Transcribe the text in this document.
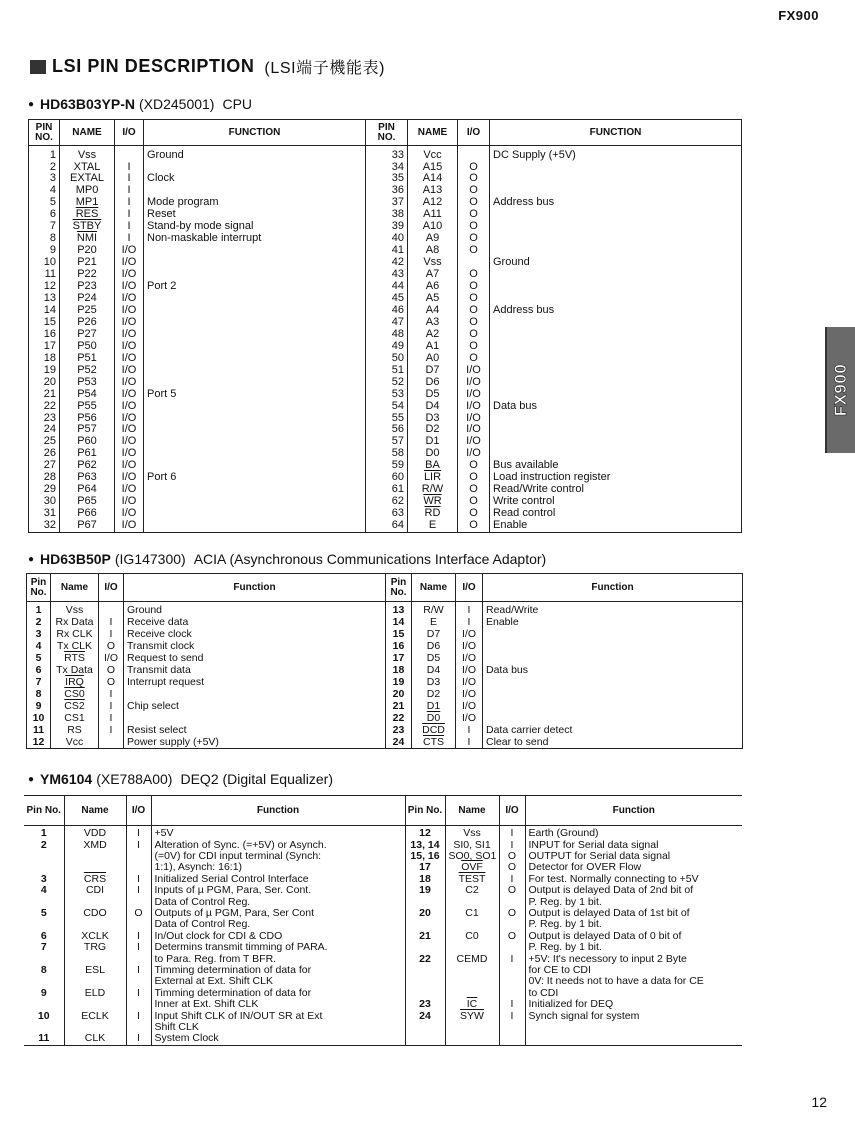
FX900
FX900
12
LSI PIN DESCRIPTION (LSI端子機能表)
● HD63B03YP-N (XD245001) CPU
PIN NO.	NAME	I/O	FUNCTION	PIN NO.	NAME	I/O	FUNCTION
1	Vss		Ground	33	Vcc		DC Supply (+5V)
2	XTAL	I		34	A15	O	
3	EXTAL	I	Clock	35	A14	O	
4	MP0	I		36	A13	O	
5	MP1	I	Mode program	37	A12	O	Address bus
6	$\overline{RES}$	I	Reset	38	A11	O	
7	STBY	I	Stand-by mode signal	39	A10	O	
8	$\overline{NMI}$	I	Non-maskable interrupt	40	A9	O	
9	P20	I/O		41	A8	O	
10	P21	I/O		42	Vss		Ground
11	P22	I/O		43	A7	O	
12	P23	I/O	Port 2	44	A6	O	
13	P24	I/O		45	A5	O	
14	P25	I/O		46	A4	O	Address bus
15	P26	I/O		47	A3	O	
16	P27	I/O		48	A2	O	
17	P50	I/O		49	A1	O	
18	P51	I/O		50	A0	O	
19	P52	I/O		51	D7	I/O	
20	P53	I/O		52	D6	I/O	
21	P54	I/O	Port 5	53	D5	I/O	
22	P55	I/O		54	D4	I/O	Data bus
23	P56	I/O		55	D3	I/O	
24	P57	I/O		56	D2	I/O	
25	P60	I/O		57	D1	I/O	
26	P61	I/O		58	D0	I/O	
27	P62	I/O		59	BA	O	Bus available
28	P63	I/O	Port 6	60	$\overline{LIR}$	O	Load instruction register
29	P64	I/O		61	R/W	O	Read/Write control
30	P65	I/O		62	$\overline{WR}$	O	Write control
31	P66	I/O		63	$\overline{RD}$	O	Read control
32	P67	I/O		64	E	O	Enable
● HD63B50P (IG147300) ACIA (Asynchronous Communications Interface Adaptor)
Pin No.	Name	I/O	Function	Pin No.	Name	I/O	Function
1	Vss		Ground	13	R/W	I	Read/Write
2	Rx Data	I	Receive data	14	E	I	Enable
3	Rx CLK	I	Receive clock	15	D7	I/O	
4	Tx CLK	O	Transmit clock	16	D6	I/O	
5	$\overline{RTS}$	I/O	Request to send	17	D5	I/O	
6	Tx Data	O	Transmit data	18	D4	I/O	Data bus
7	$\overline{IRQ}$	O	Interrupt request	19	D3	I/O	
8	CS0	I		20	D2	I/O	
9	CS2	I	Chip select	21	D1	I/O	
10	CS1	I		22	D0	I/O	
11	RS	I	Resist select	23	$\overline{DCD}$	I	Data carrier detect
12	Vcc		Power supply (+5V)	24	$\overline{CTS}$	I	Clear to send
● YM6104 (XE788A00) DEQ2 (Digital Equalizer)
Pin No.	Name	I/O	Function	Pin No.	Name	I/O	Function
1	VDD	I	+5V	12	Vss	I	Earth (Ground)
2	XMD	I	Alteration of Sync. (=+5V) or Asynch.	13, 14	SI0, SI1	I	INPUT for Serial data signal
			(=0V) for CDI input terminal (Synch:	15, 16	SO0, SO1	O	OUTPUT for Serial data signal
			1:1), Asynch: 16:1)	17	$\overline{OVF}$	O	Detector for OVER Flow
3	$\overline{CRS}$	I	Initialized Serial Control Interface	18	TEST	I	For test. Normally connecting to +5V
4	CDI	I	Inputs of µ PGM, Para, Ser. Cont.	19	C2	O	Output is delayed Data of 2nd bit of
			Data of Control Reg.				P. Reg. by 1 bit.
5	CDO	O	Outputs of µ PGM, Para, Ser Cont	20	C1	O	Output is delayed Data of 1st bit of
			Data of Control Reg.				P. Reg. by 1 bit.
6	XCLK	I	In/Out clock for CDI & CDO	21	C0	O	Output is delayed Data of 0 bit of
7	TRG	I	Determins transmit timming of PARA.				P. Reg. by 1 bit.
			to Para. Reg. from T BFR.	22	CEMD	I	+5V: It's necessory to input 2 Byte
8	ESL	I	Timming determination of data for				for CE to CDI
			External at Ext. Shift CLK				0V: It needs not to have a data for CE
9	ELD	I	Timming determination of data for				to CDI
			Inner at Ext. Shift CLK	23	$\overline{IC}$	I	Initialized for DEQ
10	ECLK	I	Input Shift CLK of IN/OUT SR at Ext	24	$\overline{SYW}$	I	Synch signal for system
			Shift CLK				
11	CLK	I	System Clock				
